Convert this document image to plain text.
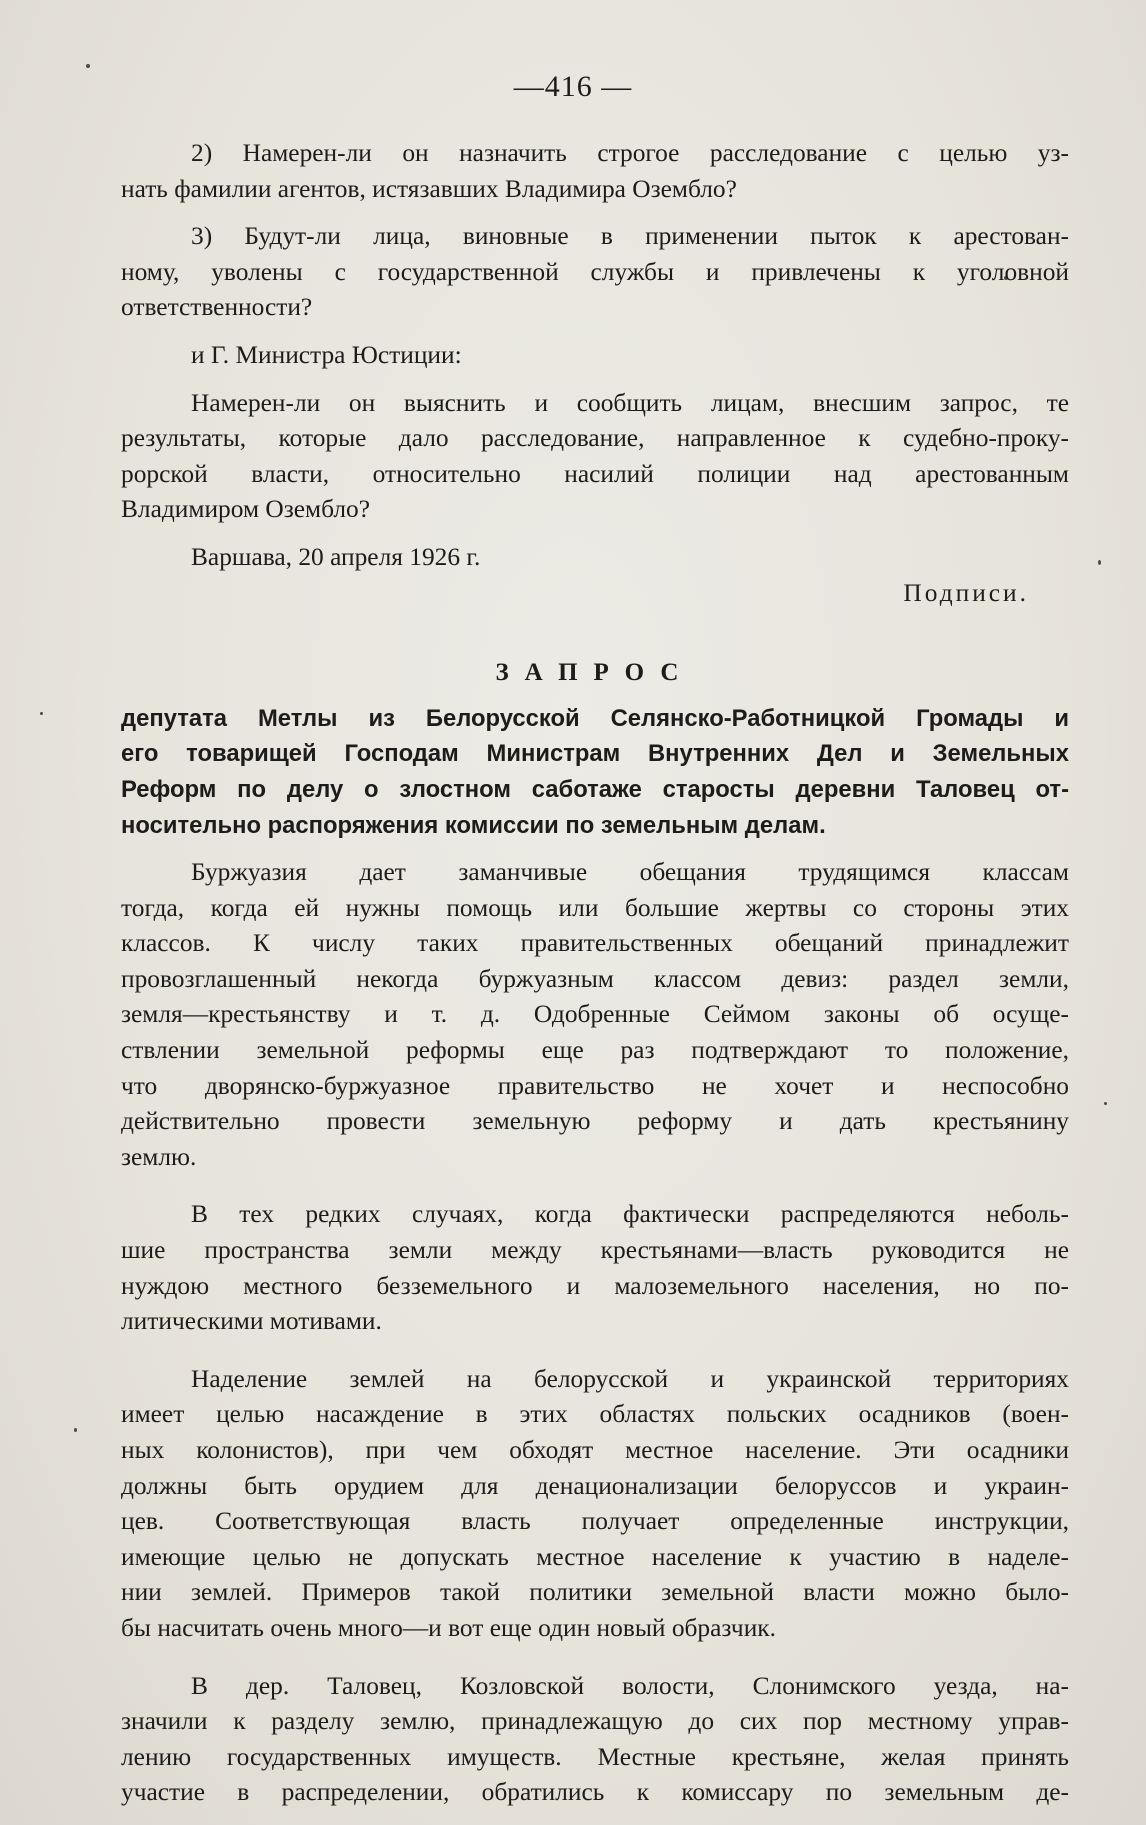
—416 —
2) Намерен-ли он назначить строгое расследование с целью уз-
нать фамилии агентов, истязавших Владимира Оземблο?
3) Будут-ли лица, виновные в применении пыток к арестован-
ному, уволены с государственной службы и привлечены к уголовной
ответственности?
и Г. Министра Юстиции:
Намерен-ли он выяснить и сообщить лицам, внесшим запрос, те
результаты, которые дало расследование, направленное к судебно-проку-
рорской власти, относительно насилий полиции над арестованным
Владимиром Оземблο?
Варшава, 20 апреля 1926 г.
Подписи.
ЗАПРОС
депутата Метлы из Белорусской Селянско-Работницкой Громады и
его товарищей Господам Министрам Внутренних Дел и Земельных
Реформ по делу о злостном саботаже старосты деревни Таловец от-
носительно распоряжения комиссии по земельным делам.
Буржуазия дает заманчивые обещания трудящимся классам
тогда, когда ей нужны помощь или большие жертвы со стороны этих
классов. К числу таких правительственных обещаний принадлежит
провозглашенный некогда буржуазным классом девиз: раздел земли,
земля—крестьянству и т. д. Одобренные Сеймом законы об осуще-
ствлении земельной реформы еще раз подтверждают то положение,
что дворянско-буржуазное правительство не хочет и неспособно
действительно провести земельную реформу и дать крестьянину
землю.
В тех редких случаях, когда фактически распределяются неболь-
шие пространства земли между крестьянами—власть руководится не
нуждою местного безземельного и малоземельного населения, но по-
литическими мотивами.
Наделение землей на белорусской и украинской территориях
имеет целью насаждение в этих областях польских осадников (воен-
ных колонистов), при чем обходят местное население. Эти осадники
должны быть орудием для денационализации белоруссов и украин-
цев. Соответствующая власть получает определенные инструкции,
имеющие целью не допускать местное население к участию в наделе-
нии землей. Примеров такой политики земельной власти можно было-
бы насчитать очень много—и вот еще один новый образчик.
В дер. Таловец, Козловской волости, Слонимского уезда, на-
значили к разделу землю, принадлежащую до сих пор местному управ-
лению государственных имуществ. Местные крестьяне, желая принять
участие в распределении, обратились к комиссару по земельным де-
